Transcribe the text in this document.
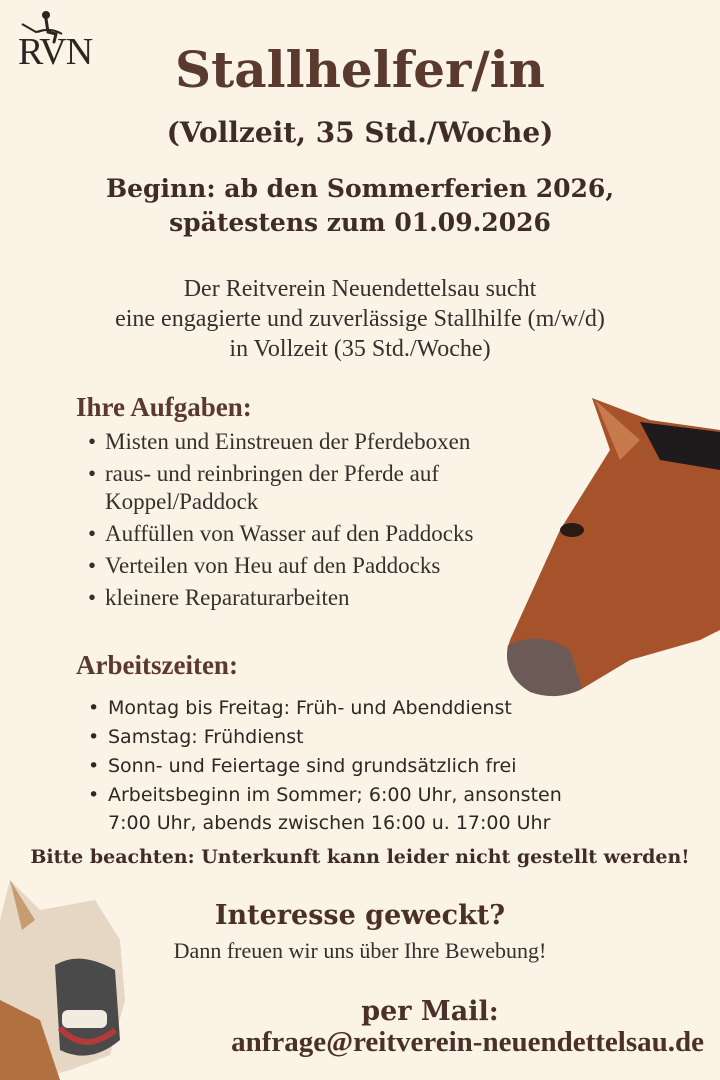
RVN	Stallhelfer/in
(Vollzeit, 35 Std./Woche)
Beginn: ab den Sommerferien 2026,
spätestens zum 01.09.2026
Der Reitverein Neuendettelsau sucht
eine engagierte und zuverlässige Stallhilfe (m/w/d)
in Vollzeit (35 Std./Woche)
Ihre Aufgaben:
• Misten und Einstreuen der Pferdeboxen
• raus- und reinbringen der Pferde auf Koppel/Paddock
• Auffüllen von Wasser auf den Paddocks
• Verteilen von Heu auf den Paddocks
• kleinere Reparaturarbeiten
Arbeitszeiten:
• Montag bis Freitag: Früh- und Abenddienst
• Samstag: Frühdienst
• Sonn- und Feiertage sind grundsätzlich frei
• Arbeitsbeginn im Sommer; 6:00 Uhr, ansonsten 7:00 Uhr, abends zwischen 16:00 u. 17:00 Uhr
Bitte beachten: Unterkunft kann leider nicht gestellt werden!
Interesse geweckt?
Dann freuen wir uns über Ihre Bewebung!
per Mail:
anfrage@reitverein-neuendettelsau.de
